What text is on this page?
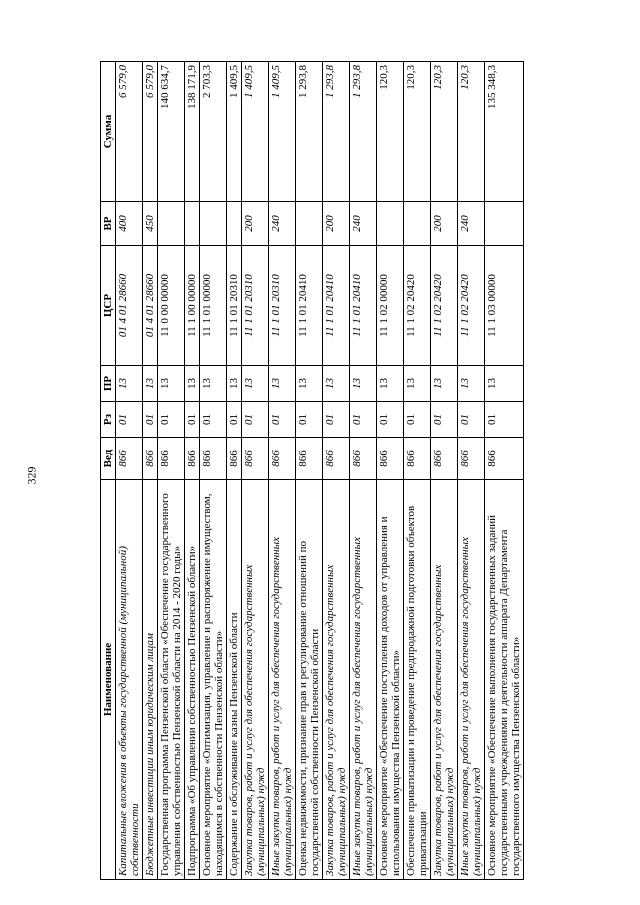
329
Наименование	Вед	Рз	ПР	ЦСР	ВР	Сумма
Капитальные вложения в объекты государственной (муниципальной) собственности	866	01	13	01 4 01 28660	400	6 579,0
Бюджетные инвестиции иным юридическим лицам	866	01	13	01 4 01 28660	450	6 579,0
Государственная программа Пензенской области «Обеспечение государственного управления собственностью Пензенской области на 2014 - 2020 годы»	866	01	13	11 0 00 00000		140 634,7
Подпрограмма «Об управлении собственностью Пензенской области»	866	01	13	11 1 00 00000		138 171,9
Основное мероприятие «Оптимизация, управление и распоряжение имуществом, находящимся в собственности Пензенской области»	866	01	13	11 1 01 00000		2 703,3
Содержание и обслуживание казны Пензенской области	866	01	13	11 1 01 20310		1 409,5
Закупка товаров, работ и услуг для обеспечения государственных (муниципальных) нужд	866	01	13	11 1 01 20310	200	1 409,5
Иные закупки товаров, работ и услуг для обеспечения государственных (муниципальных) нужд	866	01	13	11 1 01 20310	240	1 409,5
Оценка недвижимости, признание прав и регулирование отношений по государственной собственности Пензенской области	866	01	13	11 1 01 20410		1 293,8
Закупка товаров, работ и услуг для обеспечения государственных (муниципальных) нужд	866	01	13	11 1 01 20410	200	1 293,8
Иные закупки товаров, работ и услуг для обеспечения государственных (муниципальных) нужд	866	01	13	11 1 01 20410	240	1 293,8
Основное мероприятие «Обеспечение поступления доходов от управления и использования имущества Пензенской области»	866	01	13	11 1 02 00000		120,3
Обеспечение приватизации и проведение предпродажной подготовки объектов приватизации	866	01	13	11 1 02 20420		120,3
Закупка товаров, работ и услуг для обеспечения государственных (муниципальных) нужд	866	01	13	11 1 02 20420	200	120,3
Иные закупки товаров, работ и услуг для обеспечения государственных (муниципальных) нужд	866	01	13	11 1 02 20420	240	120,3
Основное мероприятие «Обеспечение выполнения государственных заданий государственными учреждениями и деятельности аппарата Департамента государственного имущества Пензенской области»	866	01	13	11 1 03 00000		135 348,3
